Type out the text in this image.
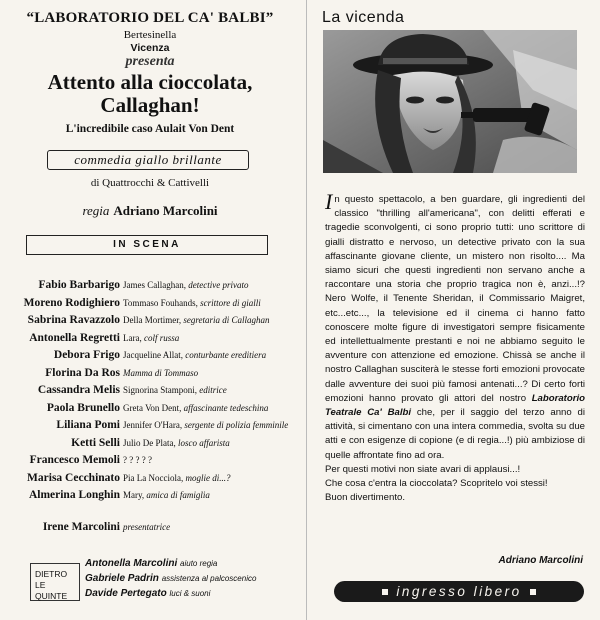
“LABORATORIO DEL CA' BALBI”
Bertesinella
Vicenza
presenta
Attento alla cioccolata,
Callaghan!
L'incredibile caso Aulait Von Dent
commedia giallo brillante
di Quattrocchi & Cattivelli
regia Adriano Marcolini
IN SCENA
Fabio Barbarigo James Callaghan, detective privato
Moreno Rodighiero Tommaso Fouhands, scrittore di gialli
Sabrina Ravazzolo Della Mortimer, segretaria di Callaghan
Antonella Regretti Lara, colf russa
Debora Frigo Jacqueline Allat, conturbante ereditiera
Florina Da Ros Mamma di Tommaso
Cassandra Melis Signorina Stamponi, editrice
Paola Brunello Greta Von Dent, affascinante tedeschina
Liliana Pomi Jennifer O'Hara, sergente di polizia femminile
Ketti Selli Julio De Plata, losco affarista
Francesco Memoli ? ? ? ? ?
Marisa Cecchinato Pia La Nocciola, moglie di...?
Almerina Longhin Mary, amica di famiglia
Irene Marcolini presentatrice
DIETRO
LE QUINTE
Antonella Marcolini aiuto regia
Gabriele Padrin assistenza al palcoscenico
Davide Pertegato luci & suoni
La vicenda

In questo spettacolo, a ben guardare, gli ingredienti del classico "thrilling all'americana", con delitti efferati e tragedie sconvolgenti, ci sono proprio tutti: uno scrittore di gialli distratto e nervoso, un detective privato con la sua affascinante giovane cliente, un mistero non risolto.... Ma siamo sicuri che questi ingredienti non servano anche a raccontare una storia che proprio tragica non è, anzi...!? Nero Wolfe, il Tenente Sheridan, il Commissario Maigret, etc...etc..., la televisione ed il cinema ci hanno fatto conoscere molte figure di investigatori sempre fisicamente ed intellettualmente prestanti e noi ne abbiamo seguito le avventure con attenzione ed emozione. Chissà se anche il nostro Callaghan susciterà le stesse forti emozioni provocate dalle avventure dei suoi più famosi antenati...? Di certo forti emozioni hanno provato gli attori del nostro Laboratorio Teatrale Ca' Balbi che, per il saggio del terzo anno di attività, si cimentano con una intera commedia, svolta su due atti e con esigenze di copione (e di regia...!) più ambiziose di quelle affrontate fino ad ora.

Per questi motivi non siate avari di applausi...!

Che cosa c'entra la cioccolata? Scopritelo voi stessi!

Buon divertimento.

Adriano Marcolini
ingresso libero
